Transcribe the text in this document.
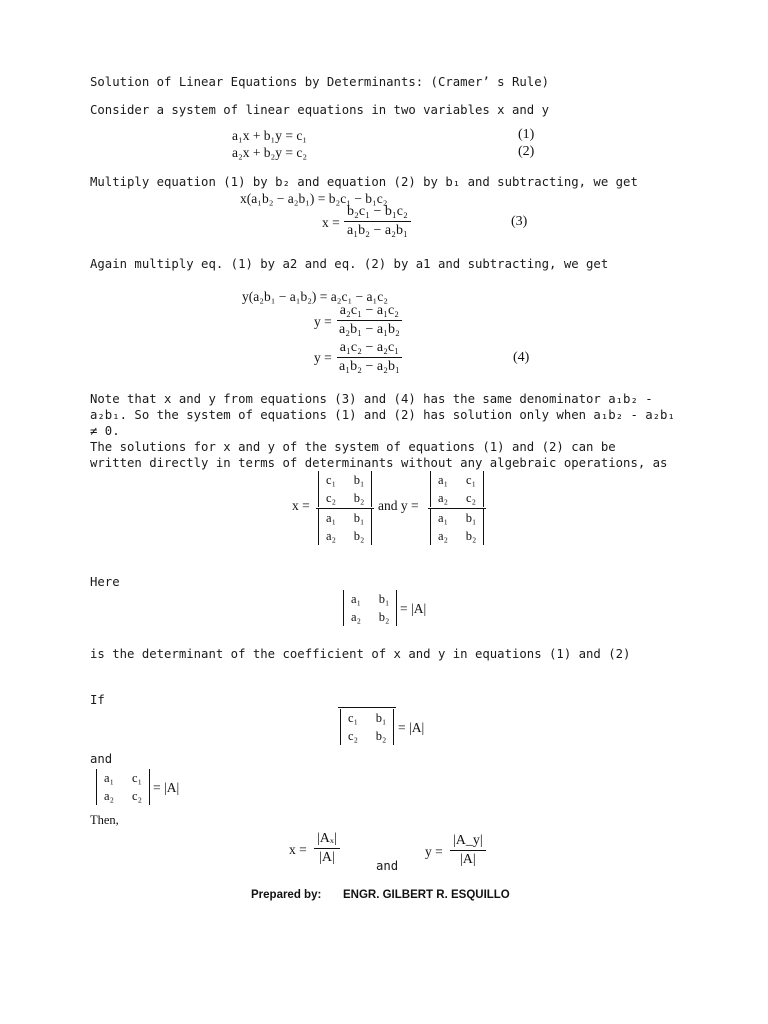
Solution of Linear Equations by Determinants: (Cramer’ s Rule)
Consider a system of linear equations in two variables x and y
a₁x + b₁y = c₁	(1)
a₂x + b₂y = c₂	(2)
Multiply equation (1) by b₂ and equation (2) by b₁ and subtracting, we get
x(a₁b₂ − a₂b₁) = b₂c₁ − b₁c₂
$x = \frac{\text{b₂c₁ − b₁c₂}}{\text{a₁b₂ − a₂b₁}}$	(3)
Again multiply eq. (1) by a2 and eq. (2) by a1 and subtracting, we get
y(a₂b₁ − a₁b₂) = a₂c₁ − a₁c₂
$y = \frac{\text{a₂c₁ − a₁c₂}}{\text{a₂b₁ − a₁b₂}}$
$y = \frac{\text{a₁c₂ − a₂c₁}}{\text{a₁b₂ − a₂b₁}}$	(4)
Note that x and y from equations (3) and (4) has the same denominator a₁b₂ -
a₂b₁. So the system of equations (1) and (2) has solution only when a₁b₂ - a₂b₁
≠ 0.
The solutions for x and y of the system of equations (1) and (2) can be
written directly in terms of determinants without any algebraic operations, as
x =
c₁	b₁
c₂	b₂
a₁	b₁
a₂	b₂
and y =
a₁	c₁
a₂	c₂
a₁	b₁
a₂	b₂
Here
a₁	b₁
a₂	b₂
= |A|
is the determinant of the coefficient of x and y in equations (1) and (2)
If
c₁	b₁
c₂	b₂
= |A|
and
a₁	c₁
a₂	c₂
= |A|
Then,
$x = \frac{\text{|Aₓ|}}{|A|}$	and
$y = \frac{|A\_y|}{|A|}$
Prepared by: ENGR. GILBERT R. ESQUILLO
